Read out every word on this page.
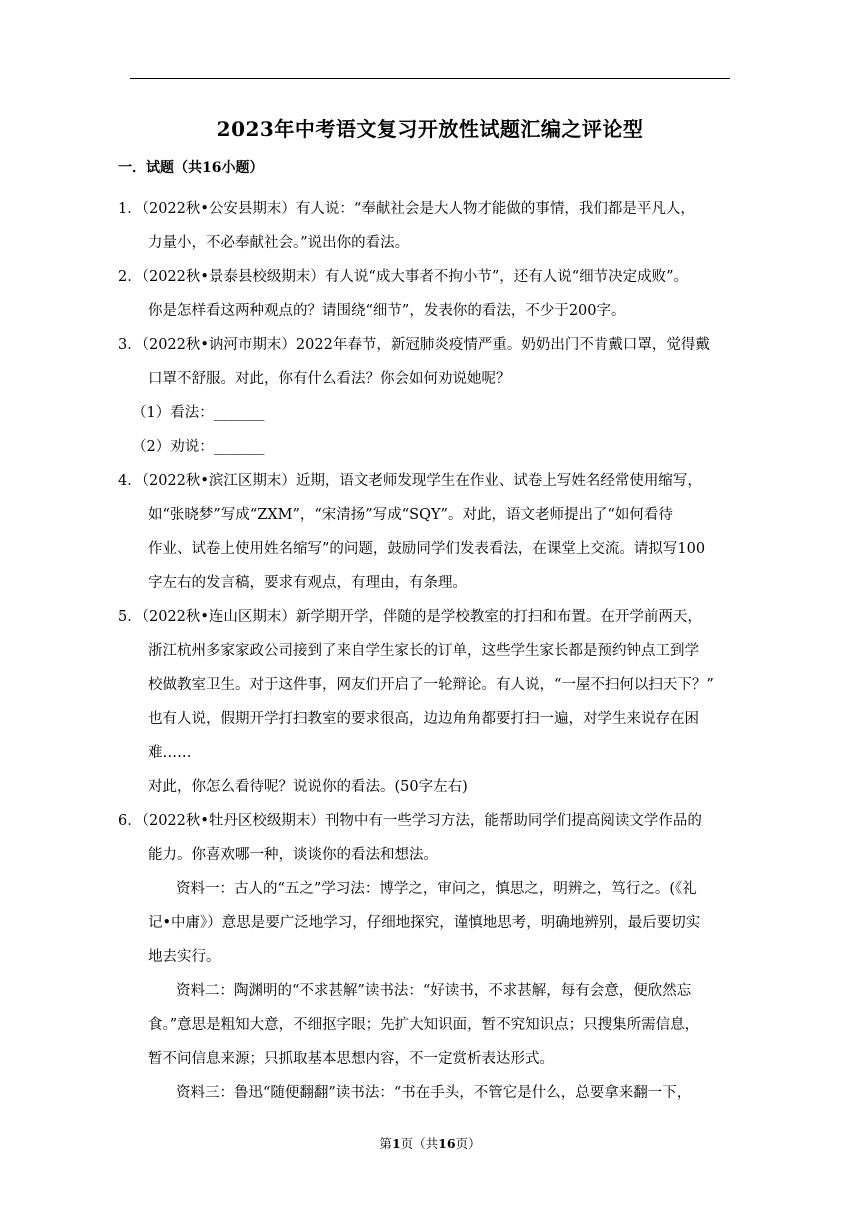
2023年中考语文复习开放性试题汇编之评论型
一．试题（共16小题）
1．（2022秋•公安县期末）有人说：“奉献社会是大人物才能做的事情，我们都是平凡人，
力量小，不必奉献社会。”说出你的看法。
2．（2022秋•景泰县校级期末）有人说“成大事者不拘小节”，还有人说“细节决定成败”。
你是怎样看这两种观点的？请围绕“细节”，发表你的看法，不少于200字。
3．（2022秋•讷河市期末）2022年春节，新冠肺炎疫情严重。奶奶出门不肯戴口罩，觉得戴
口罩不舒服。对此，你有什么看法？你会如何劝说她呢？
（1）看法：_______
（2）劝说：_______
4．（2022秋•滨江区期末）近期，语文老师发现学生在作业、试卷上写姓名经常使用缩写，
如“张晓梦”写成“ZXM”，“宋清扬”写成“SQY”。对此，语文老师提出了“如何看待
作业、试卷上使用姓名缩写”的问题，鼓励同学们发表看法，在课堂上交流。请拟写100
字左右的发言稿，要求有观点，有理由，有条理。
5．（2022秋•连山区期末）新学期开学，伴随的是学校教室的打扫和布置。在开学前两天，
浙江杭州多家家政公司接到了来自学生家长的订单，这些学生家长都是预约钟点工到学
校做教室卫生。对于这件事，网友们开启了一轮辩论。有人说，“一屋不扫何以扫天下？”
也有人说，假期开学打扫教室的要求很高，边边角角都要打扫一遍，对学生来说存在困
难……
对此，你怎么看待呢？说说你的看法。(50字左右)
6．（2022秋•牡丹区校级期末）刊物中有一些学习方法，能帮助同学们提高阅读文学作品的
能力。你喜欢哪一种，谈谈你的看法和想法。
资料一：古人的“五之”学习法：博学之，审问之，慎思之，明辨之，笃行之。(《礼
记•中庸》）意思是要广泛地学习，仔细地探究，谨慎地思考，明确地辨别，最后要切实
地去实行。
资料二：陶渊明的“不求甚解”读书法：“好读书，不求甚解，每有会意，便欣然忘
食。”意思是粗知大意，不细抠字眼；先扩大知识面，暂不究知识点；只搜集所需信息，
暂不问信息来源；只抓取基本思想内容，不一定赏析表达形式。
资料三：鲁迅“随便翻翻”读书法：“书在手头，不管它是什么，总要拿来翻一下，
第1页（共16页）
